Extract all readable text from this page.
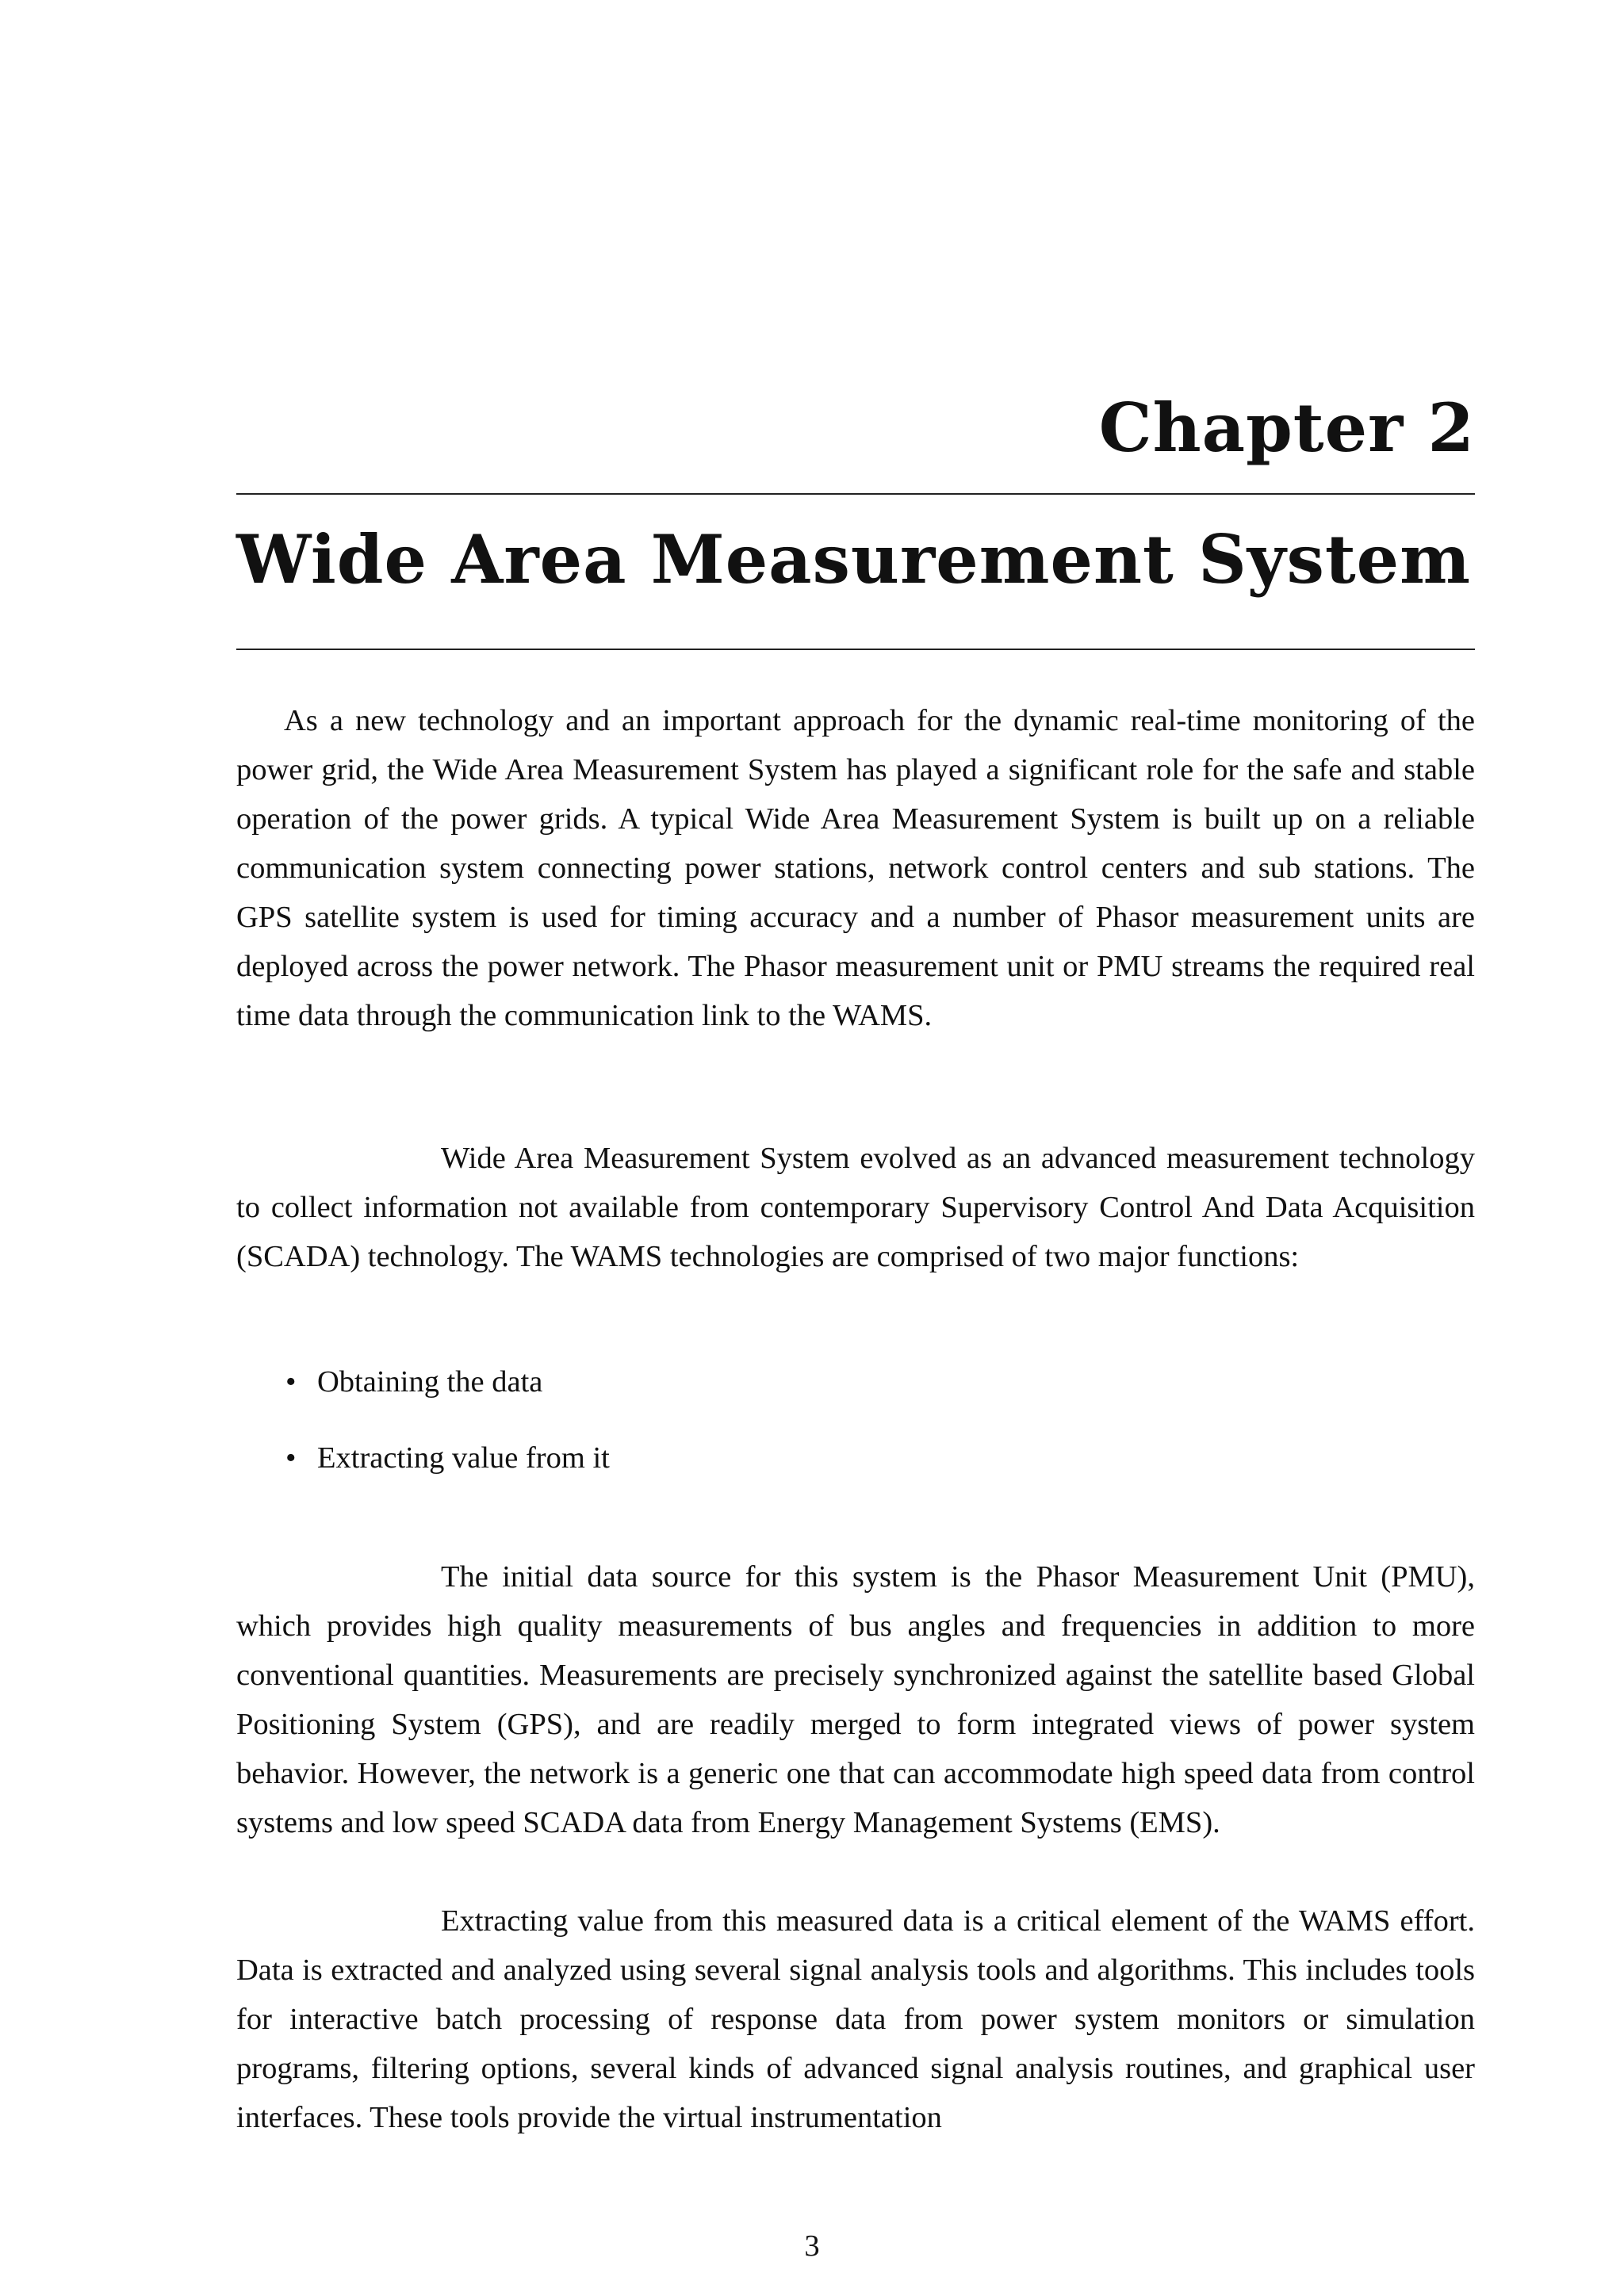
Chapter 2
Wide Area Measurement System

As a new technology and an important approach for the dynamic real-time monitoring of the power grid, the Wide Area Measurement System has played a significant role for the safe and stable operation of the power grids. A typical Wide Area Measurement System is built up on a reliable communication system connecting power stations, network control centers and sub stations. The GPS satellite system is used for timing accuracy and a number of Phasor measurement units are deployed across the power network. The Phasor measurement unit or PMU streams the required real time data through the communication link to the WAMS.

Wide Area Measurement System evolved as an advanced measurement technology to collect information not available from contemporary Supervisory Control And Data Acquisition (SCADA) technology. The WAMS technologies are comprised of two major functions:

• Obtaining the data
• Extracting value from it

The initial data source for this system is the Phasor Measurement Unit (PMU), which provides high quality measurements of bus angles and frequencies in addition to more conventional quantities. Measurements are precisely synchronized against the satellite based Global Positioning System (GPS), and are readily merged to form integrated views of power system behavior. However, the network is a generic one that can accommodate high speed data from control systems and low speed SCADA data from Energy Management Systems (EMS).

Extracting value from this measured data is a critical element of the WAMS effort. Data is extracted and analyzed using several signal analysis tools and algorithms. This includes tools for interactive batch processing of response data from power system monitors or simulation programs, filtering options, several kinds of advanced signal analysis routines, and graphical user interfaces. These tools provide the virtual instrumentation

3
